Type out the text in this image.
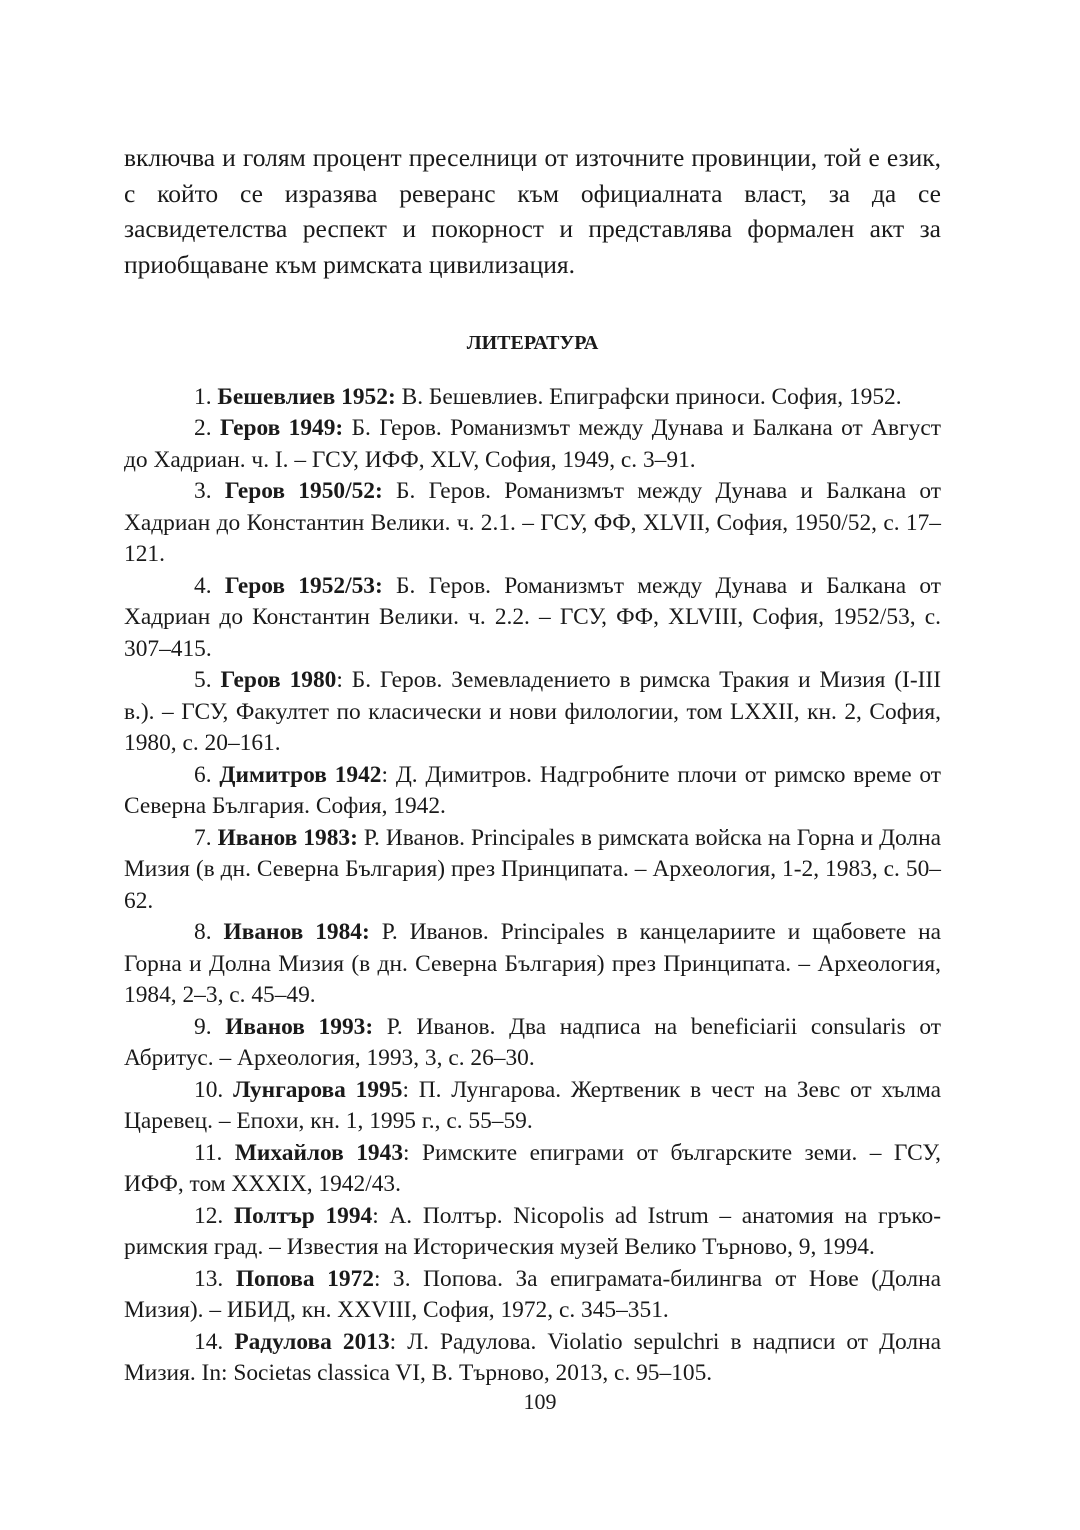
включва и голям процент преселници от източните провинции, той е език, с който се изразява реверанс към официалната власт, за да се засвидетелства респект и покорност и представлява формален акт за приобщаване към римската цивилизация.

ЛИТЕРАТУРА
1. Бешевлиев 1952: В. Бешевлиев. Епиграфски приноси. София, 1952.
2. Геров 1949: Б. Геров. Романизмът между Дунава и Балкана от Август до Хадриан. ч. I. – ГСУ, ИФФ, XLV, София, 1949, с. 3–91.
3. Геров 1950/52: Б. Геров. Романизмът между Дунава и Балкана от Хадриан до Константин Велики. ч. 2.1. – ГСУ, ФФ, XLVII, София, 1950/52, с. 17–121.
4. Геров 1952/53: Б. Геров. Романизмът между Дунава и Балкана от Хадриан до Константин Велики. ч. 2.2. – ГСУ, ФФ, XLVIII, София, 1952/53, с. 307–415.
5. Геров 1980: Б. Геров. Земевладението в римска Тракия и Мизия (I-III в.). – ГСУ, Факултет по класически и нови филологии, том LXXII, кн. 2, София, 1980, с. 20–161.
6. Димитров 1942: Д. Димитров. Надгробните плочи от римско време от Северна България. София, 1942.
7. Иванов 1983: Р. Иванов. Principales в римската войска на Горна и Долна Мизия (в дн. Северна България) през Принципата. – Археология, 1-2, 1983, с. 50–62.
8. Иванов 1984: Р. Иванов. Principales в канцелариите и щабовете на Горна и Долна Мизия (в дн. Северна България) през Принципата. – Археология, 1984, 2–3, с. 45–49.
9. Иванов 1993: Р. Иванов. Два надписа на beneficiarii consularis от Абритус. – Археология, 1993, 3, с. 26–30.
10. Лунгарова 1995: П. Лунгарова. Жертвеник в чест на Зевс от хълма Царевец. – Епохи, кн. 1, 1995 г., с. 55–59.
11. Михайлов 1943: Римските епиграми от българските земи. – ГСУ, ИФФ, том XXXIX, 1942/43.
12. Полтър 1994: А. Полтър. Nicopolis ad Istrum – анатомия на гръко-римския град. – Известия на Историческия музей Велико Търново, 9, 1994.
13. Попова 1972: З. Попова. За епиграмата-билингва от Нове (Долна Мизия). – ИБИД, кн. XXVIII, София, 1972, с. 345–351.
14. Радулова 2013: Л. Радулова. Violatio sepulchri в надписи от Долна Мизия. In: Societas classica VI, В. Търново, 2013, с. 95–105.
109
